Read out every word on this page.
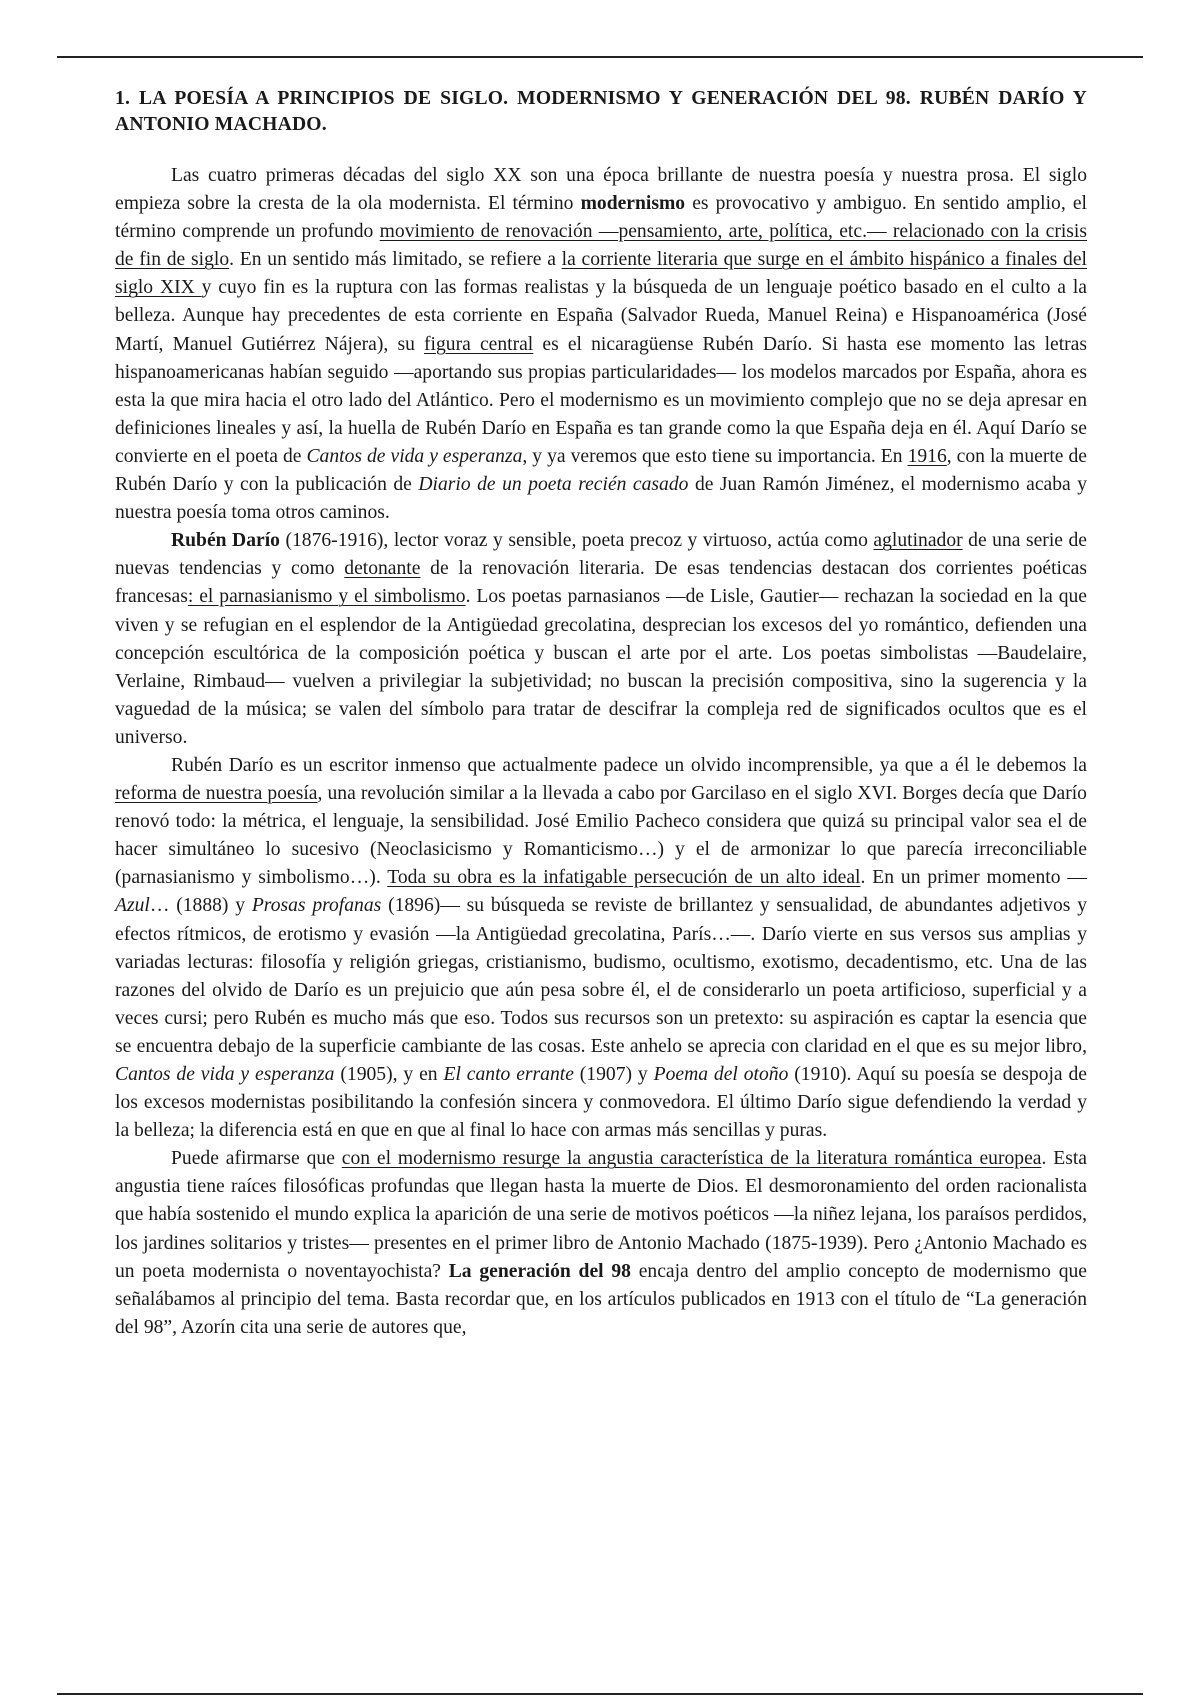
1. LA POESÍA A PRINCIPIOS DE SIGLO. MODERNISMO Y GENERACIÓN DEL 98. RUBÉN DARÍO Y ANTONIO MACHADO.

Las cuatro primeras décadas del siglo XX son una época brillante de nuestra poesía y nuestra prosa. El siglo empieza sobre la cresta de la ola modernista. El término modernismo es provocativo y ambiguo. En sentido amplio, el término comprende un profundo movimiento de renovación —pensamiento, arte, política, etc.— relacionado con la crisis de fin de siglo. En un sentido más limitado, se refiere a la corriente literaria que surge en el ámbito hispánico a finales del siglo XIX y cuyo fin es la ruptura con las formas realistas y la búsqueda de un lenguaje poético basado en el culto a la belleza. Aunque hay precedentes de esta corriente en España (Salvador Rueda, Manuel Reina) e Hispanoamérica (José Martí, Manuel Gutiérrez Nájera), su figura central es el nicaragüense Rubén Darío. Si hasta ese momento las letras hispanoamericanas habían seguido —aportando sus propias particularidades— los modelos marcados por España, ahora es esta la que mira hacia el otro lado del Atlántico. Pero el modernismo es un movimiento complejo que no se deja apresar en definiciones lineales y así, la huella de Rubén Darío en España es tan grande como la que España deja en él. Aquí Darío se convierte en el poeta de Cantos de vida y esperanza, y ya veremos que esto tiene su importancia. En 1916, con la muerte de Rubén Darío y con la publicación de Diario de un poeta recién casado de Juan Ramón Jiménez, el modernismo acaba y nuestra poesía toma otros caminos.

Rubén Darío (1876-1916), lector voraz y sensible, poeta precoz y virtuoso, actúa como aglutinador de una serie de nuevas tendencias y como detonante de la renovación literaria. De esas tendencias destacan dos corrientes poéticas francesas: el parnasianismo y el simbolismo. Los poetas parnasianos —de Lisle, Gautier— rechazan la sociedad en la que viven y se refugian en el esplendor de la Antigüedad grecolatina, desprecian los excesos del yo romántico, defienden una concepción escultórica de la composición poética y buscan el arte por el arte. Los poetas simbolistas —Baudelaire, Verlaine, Rimbaud— vuelven a privilegiar la subjetividad; no buscan la precisión compositiva, sino la sugerencia y la vaguedad de la música; se valen del símbolo para tratar de descifrar la compleja red de significados ocultos que es el universo.

Rubén Darío es un escritor inmenso que actualmente padece un olvido incomprensible, ya que a él le debemos la reforma de nuestra poesía, una revolución similar a la llevada a cabo por Garcilaso en el siglo XVI. Borges decía que Darío renovó todo: la métrica, el lenguaje, la sensibilidad. José Emilio Pacheco considera que quizá su principal valor sea el de hacer simultáneo lo sucesivo (Neoclasicismo y Romanticismo…) y el de armonizar lo que parecía irreconciliable (parnasianismo y simbolismo…). Toda su obra es la infatigable persecución de un alto ideal. En un primer momento —Azul… (1888) y Prosas profanas (1896)— su búsqueda se reviste de brillantez y sensualidad, de abundantes adjetivos y efectos rítmicos, de erotismo y evasión —la Antigüedad grecolatina, París…—. Darío vierte en sus versos sus amplias y variadas lecturas: filosofía y religión griegas, cristianismo, budismo, ocultismo, exotismo, decadentismo, etc. Una de las razones del olvido de Darío es un prejuicio que aún pesa sobre él, el de considerarlo un poeta artificioso, superficial y a veces cursi; pero Rubén es mucho más que eso. Todos sus recursos son un pretexto: su aspiración es captar la esencia que se encuentra debajo de la superficie cambiante de las cosas. Este anhelo se aprecia con claridad en el que es su mejor libro, Cantos de vida y esperanza (1905), y en El canto errante (1907) y Poema del otoño (1910). Aquí su poesía se despoja de los excesos modernistas posibilitando la confesión sincera y conmovedora. El último Darío sigue defendiendo la verdad y la belleza; la diferencia está en que en que al final lo hace con armas más sencillas y puras.

Puede afirmarse que con el modernismo resurge la angustia característica de la literatura romántica europea. Esta angustia tiene raíces filosóficas profundas que llegan hasta la muerte de Dios. El desmoronamiento del orden racionalista que había sostenido el mundo explica la aparición de una serie de motivos poéticos —la niñez lejana, los paraísos perdidos, los jardines solitarios y tristes— presentes en el primer libro de Antonio Machado (1875-1939). Pero ¿Antonio Machado es un poeta modernista o noventayochista? La generación del 98 encaja dentro del amplio concepto de modernismo que señalábamos al principio del tema. Basta recordar que, en los artículos publicados en 1913 con el título de “La generación del 98”, Azorín cita una serie de autores que,
